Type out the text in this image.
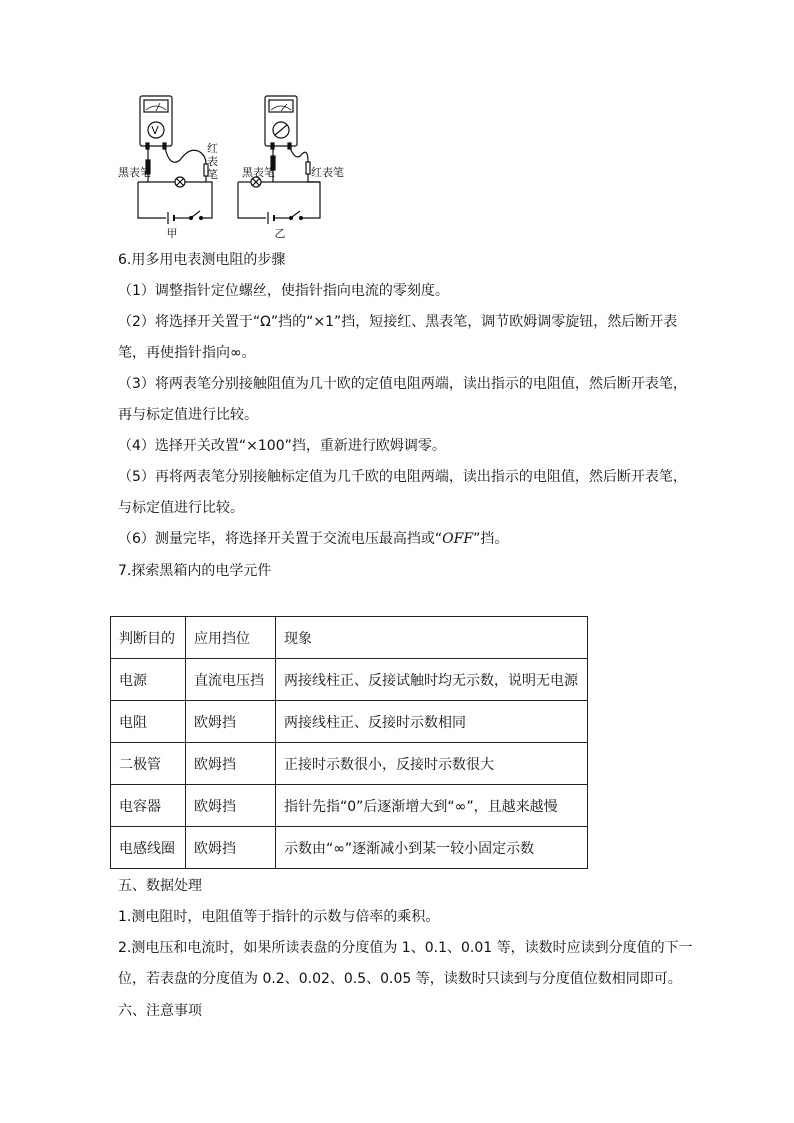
V
黑表笔
红
表
笔
甲
黑表笔	红表笔
乙
6.用多用电表测电阻的步骤
（1）调整指针定位螺丝，使指针指向电流的零刻度。
（2）将选择开关置于“Ω”挡的“×1”挡，短接红、黑表笔，调节欧姆调零旋钮，然后断开表
笔，再使指针指向∞。
（3）将两表笔分别接触阻值为几十欧的定值电阻两端，读出指示的电阻值，然后断开表笔，
再与标定值进行比较。
（4）选择开关改置“×100”挡，重新进行欧姆调零。
（5）再将两表笔分别接触标定值为几千欧的电阻两端，读出指示的电阻值，然后断开表笔，
与标定值进行比较。
（6）测量完毕，将选择开关置于交流电压最高挡或“OFF”挡。
7.探索黑箱内的电学元件
判断目的	应用挡位	现象
电源	直流电压挡	两接线柱正、反接试触时均无示数，说明无电源
电阻	欧姆挡	两接线柱正、反接时示数相同
二极管	欧姆挡	正接时示数很小，反接时示数很大
电容器	欧姆挡	指针先指“0”后逐渐增大到“∞”，且越来越慢
电感线圈	欧姆挡	示数由“∞”逐渐减小到某一较小固定示数
五、数据处理
1.测电阻时，电阻值等于指针的示数与倍率的乘积。
2.测电压和电流时，如果所读表盘的分度值为 1、0.1、0.01 等，读数时应读到分度值的下一
位，若表盘的分度值为 0.2、0.02、0.5、0.05 等，读数时只读到与分度值位数相同即可。
六、注意事项
